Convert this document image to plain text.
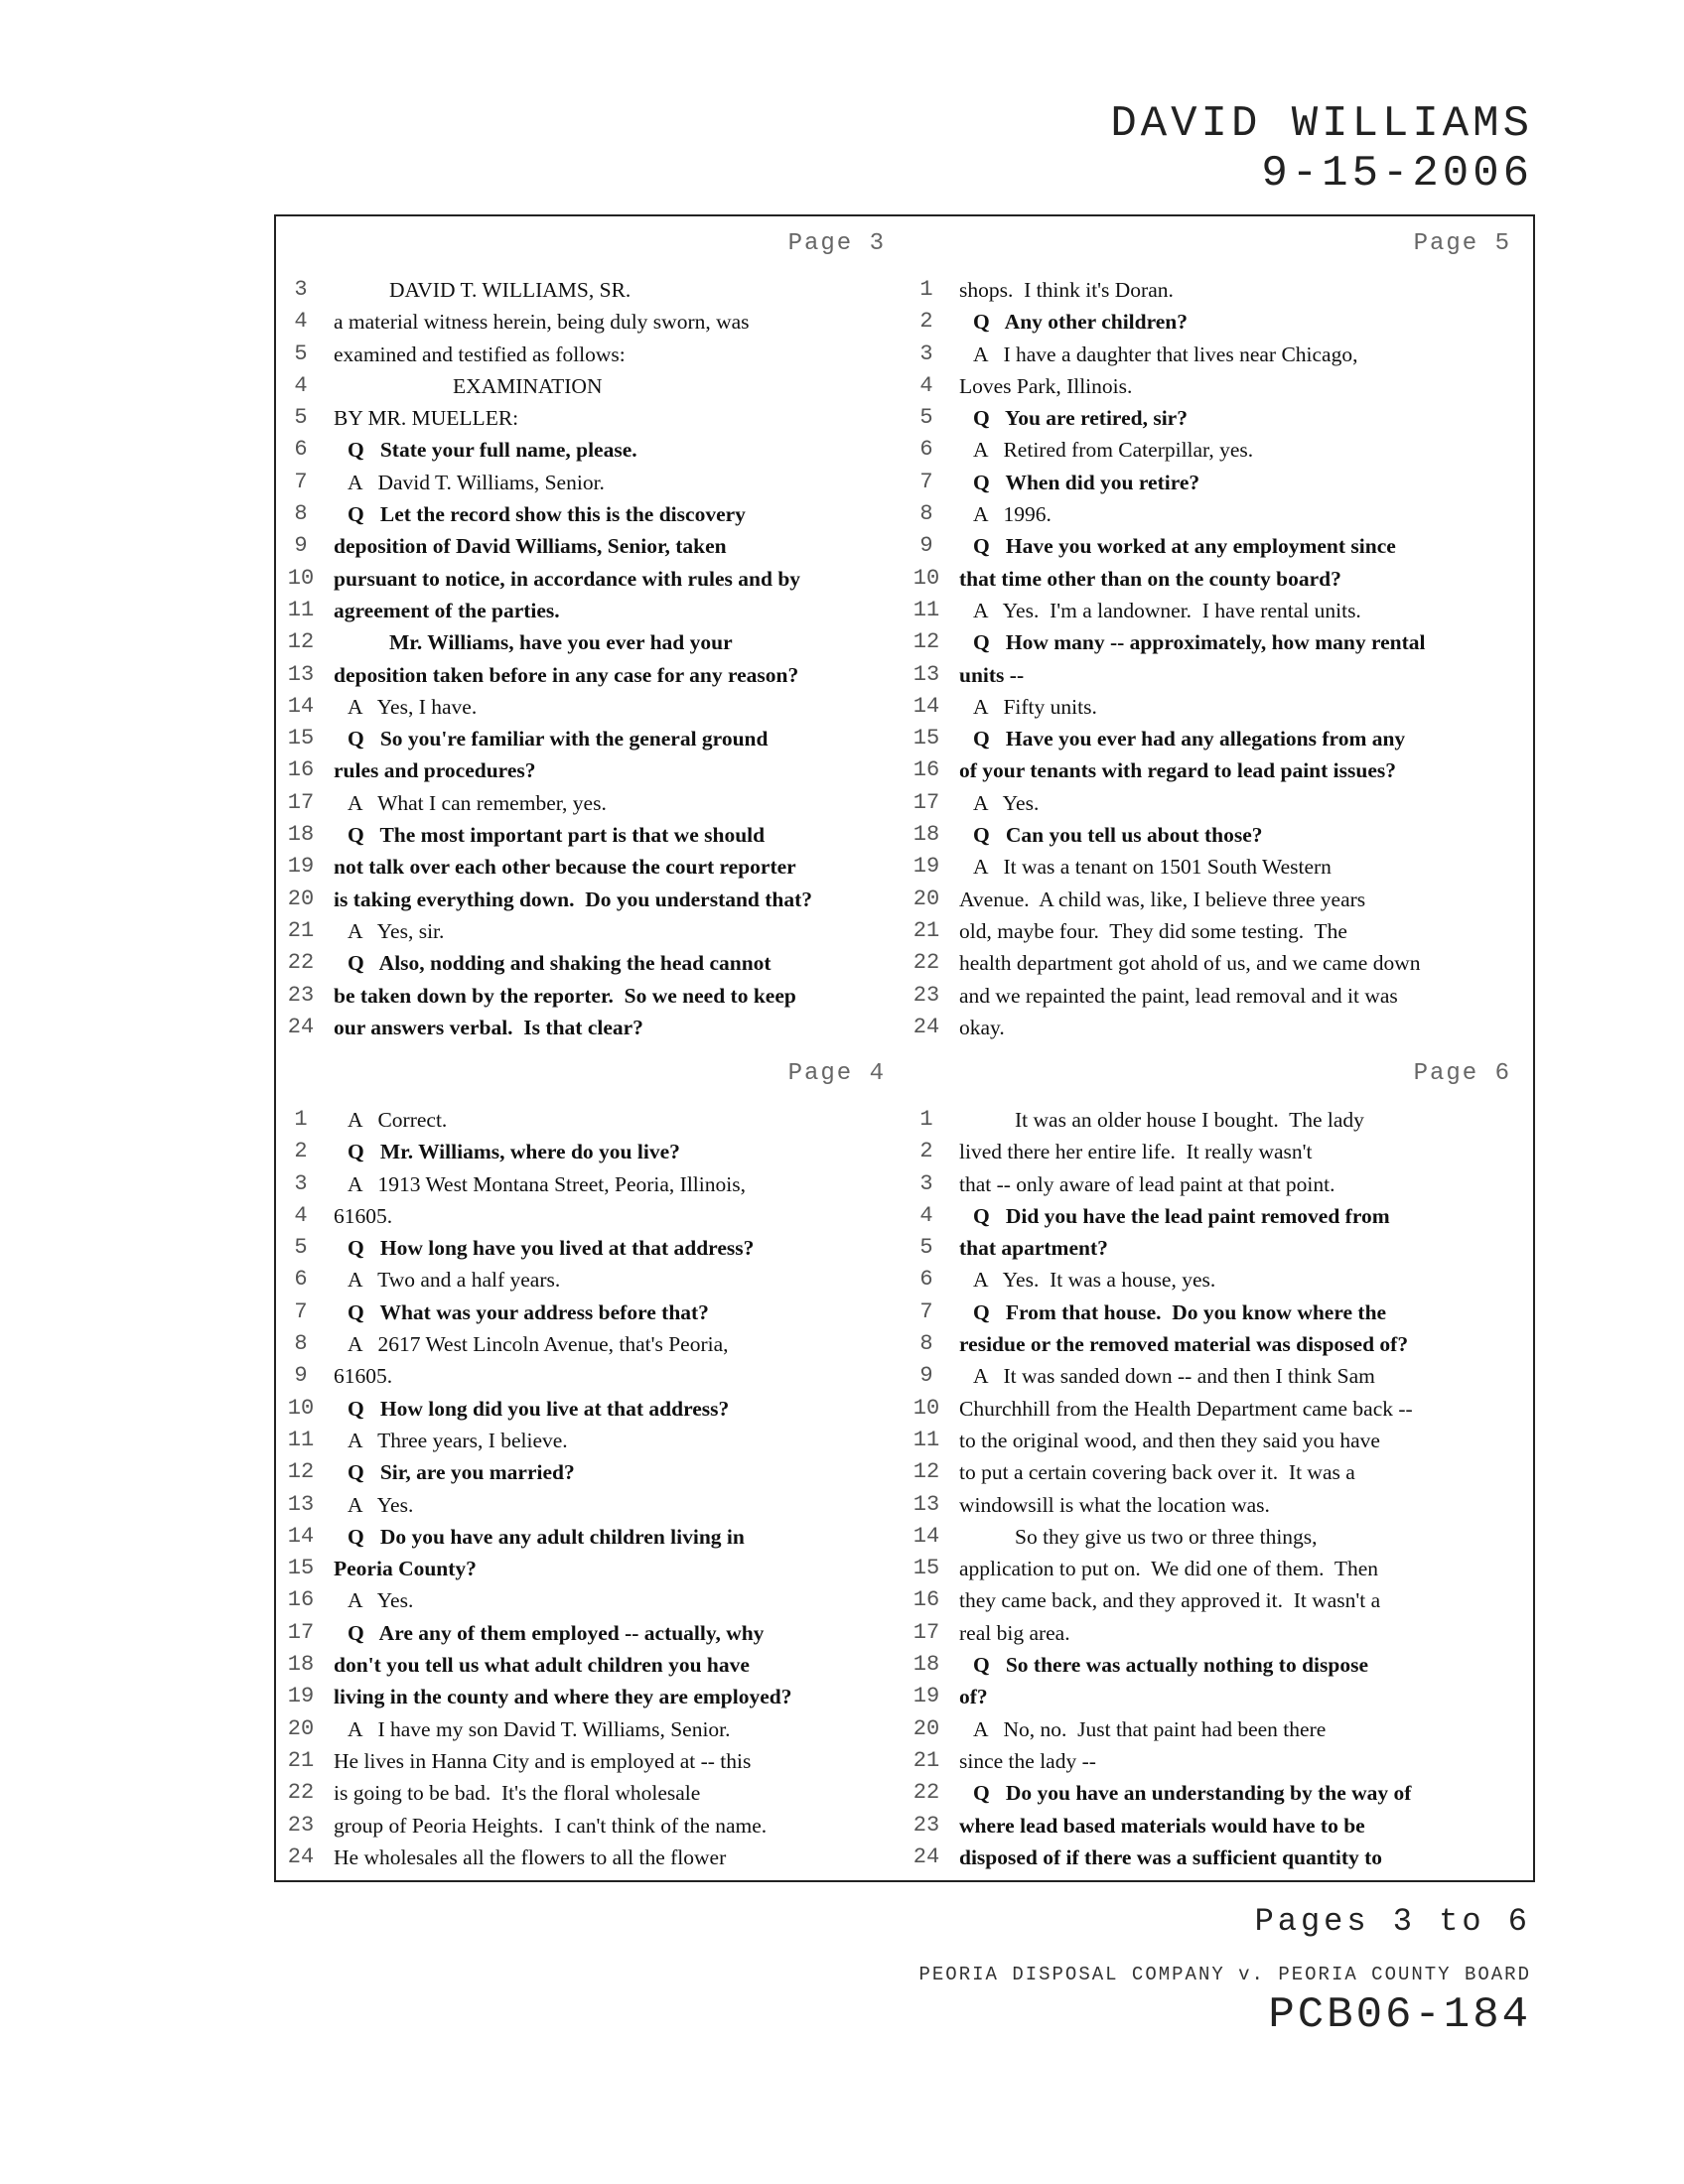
DAVID WILLIAMS
9-15-2006
Page 3
3	DAVID T. WILLIAMS, SR.
4	a material witness herein, being duly sworn, was
5	examined and testified as follows:
4	EXAMINATION
5	BY MR. MUELLER:
6	Q   State your full name, please.
7	A   David T. Williams, Senior.
8	Q   Let the record show this is the discovery
9	deposition of David Williams, Senior, taken
10 pursuant to notice, in accordance with rules and by
11 agreement of the parties.
12	Mr. Williams, have you ever had your
13 deposition taken before in any case for any reason?
14 A   Yes, I have.
15 Q   So you're familiar with the general ground
16 rules and procedures?
17 A   What I can remember, yes.
18 Q   The most important part is that we should
19 not talk over each other because the court reporter
20 is taking everything down.  Do you understand that?
21 A   Yes, sir.
22 Q   Also, nodding and shaking the head cannot
23 be taken down by the reporter.  So we need to keep
24 our answers verbal.  Is that clear?
Page 5
1	shops.  I think it's Doran.
2	Q   Any other children?
3	A   I have a daughter that lives near Chicago,
4	Loves Park, Illinois.
5	Q   You are retired, sir?
6	A   Retired from Caterpillar, yes.
7	Q   When did you retire?
8	A   1996.
9	Q   Have you worked at any employment since
10 that time other than on the county board?
11 A   Yes.  I'm a landowner.  I have rental units.
12 Q   How many -- approximately, how many rental
13 units --
14 A   Fifty units.
15 Q   Have you ever had any allegations from any
16 of your tenants with regard to lead paint issues?
17 A   Yes.
18 Q   Can you tell us about those?
19 A   It was a tenant on 1501 South Western
20 Avenue.  A child was, like, I believe three years
21 old, maybe four.  They did some testing.  The
22 health department got ahold of us, and we came down
23 and we repainted the paint, lead removal and it was
24 okay.
Page 4
1	A   Correct.
2	Q   Mr. Williams, where do you live?
3	A   1913 West Montana Street, Peoria, Illinois,
4	61605.
5	Q   How long have you lived at that address?
6	A   Two and a half years.
7	Q   What was your address before that?
8	A   2617 West Lincoln Avenue, that's Peoria,
9	61605.
10 Q   How long did you live at that address?
11 A   Three years, I believe.
12 Q   Sir, are you married?
13 A   Yes.
14 Q   Do you have any adult children living in
15 Peoria County?
16 A   Yes.
17 Q   Are any of them employed -- actually, why
18 don't you tell us what adult children you have
19 living in the county and where they are employed?
20 A   I have my son David T. Williams, Senior.
21 He lives in Hanna City and is employed at -- this
22 is going to be bad.  It's the floral wholesale
23 group of Peoria Heights.  I can't think of the name.
24 He wholesales all the flowers to all the flower
Page 6
1	It was an older house I bought.  The lady
2	lived there her entire life.  It really wasn't
3	that -- only aware of lead paint at that point.
4	Q   Did you have the lead paint removed from
5	that apartment?
6	A   Yes.  It was a house, yes.
7	Q   From that house.  Do you know where the
8	residue or the removed material was disposed of?
9	A   It was sanded down -- and then I think Sam
10 Churchhill from the Health Department came back --
11 to the original wood, and then they said you have
12 to put a certain covering back over it.  It was a
13 windowsill is what the location was.
14	So they give us two or three things,
15 application to put on.  We did one of them.  Then
16 they came back, and they approved it.  It wasn't a
17 real big area.
18 Q   So there was actually nothing to dispose
19 of?
20 A   No, no.  Just that paint had been there
21 since the lady --
22 Q   Do you have an understanding by the way of
23 where lead based materials would have to be
24 disposed of if there was a sufficient quantity to
Pages 3 to 6
PEORIA DISPOSAL COMPANY v. PEORIA COUNTY BOARD
PCB06-184
